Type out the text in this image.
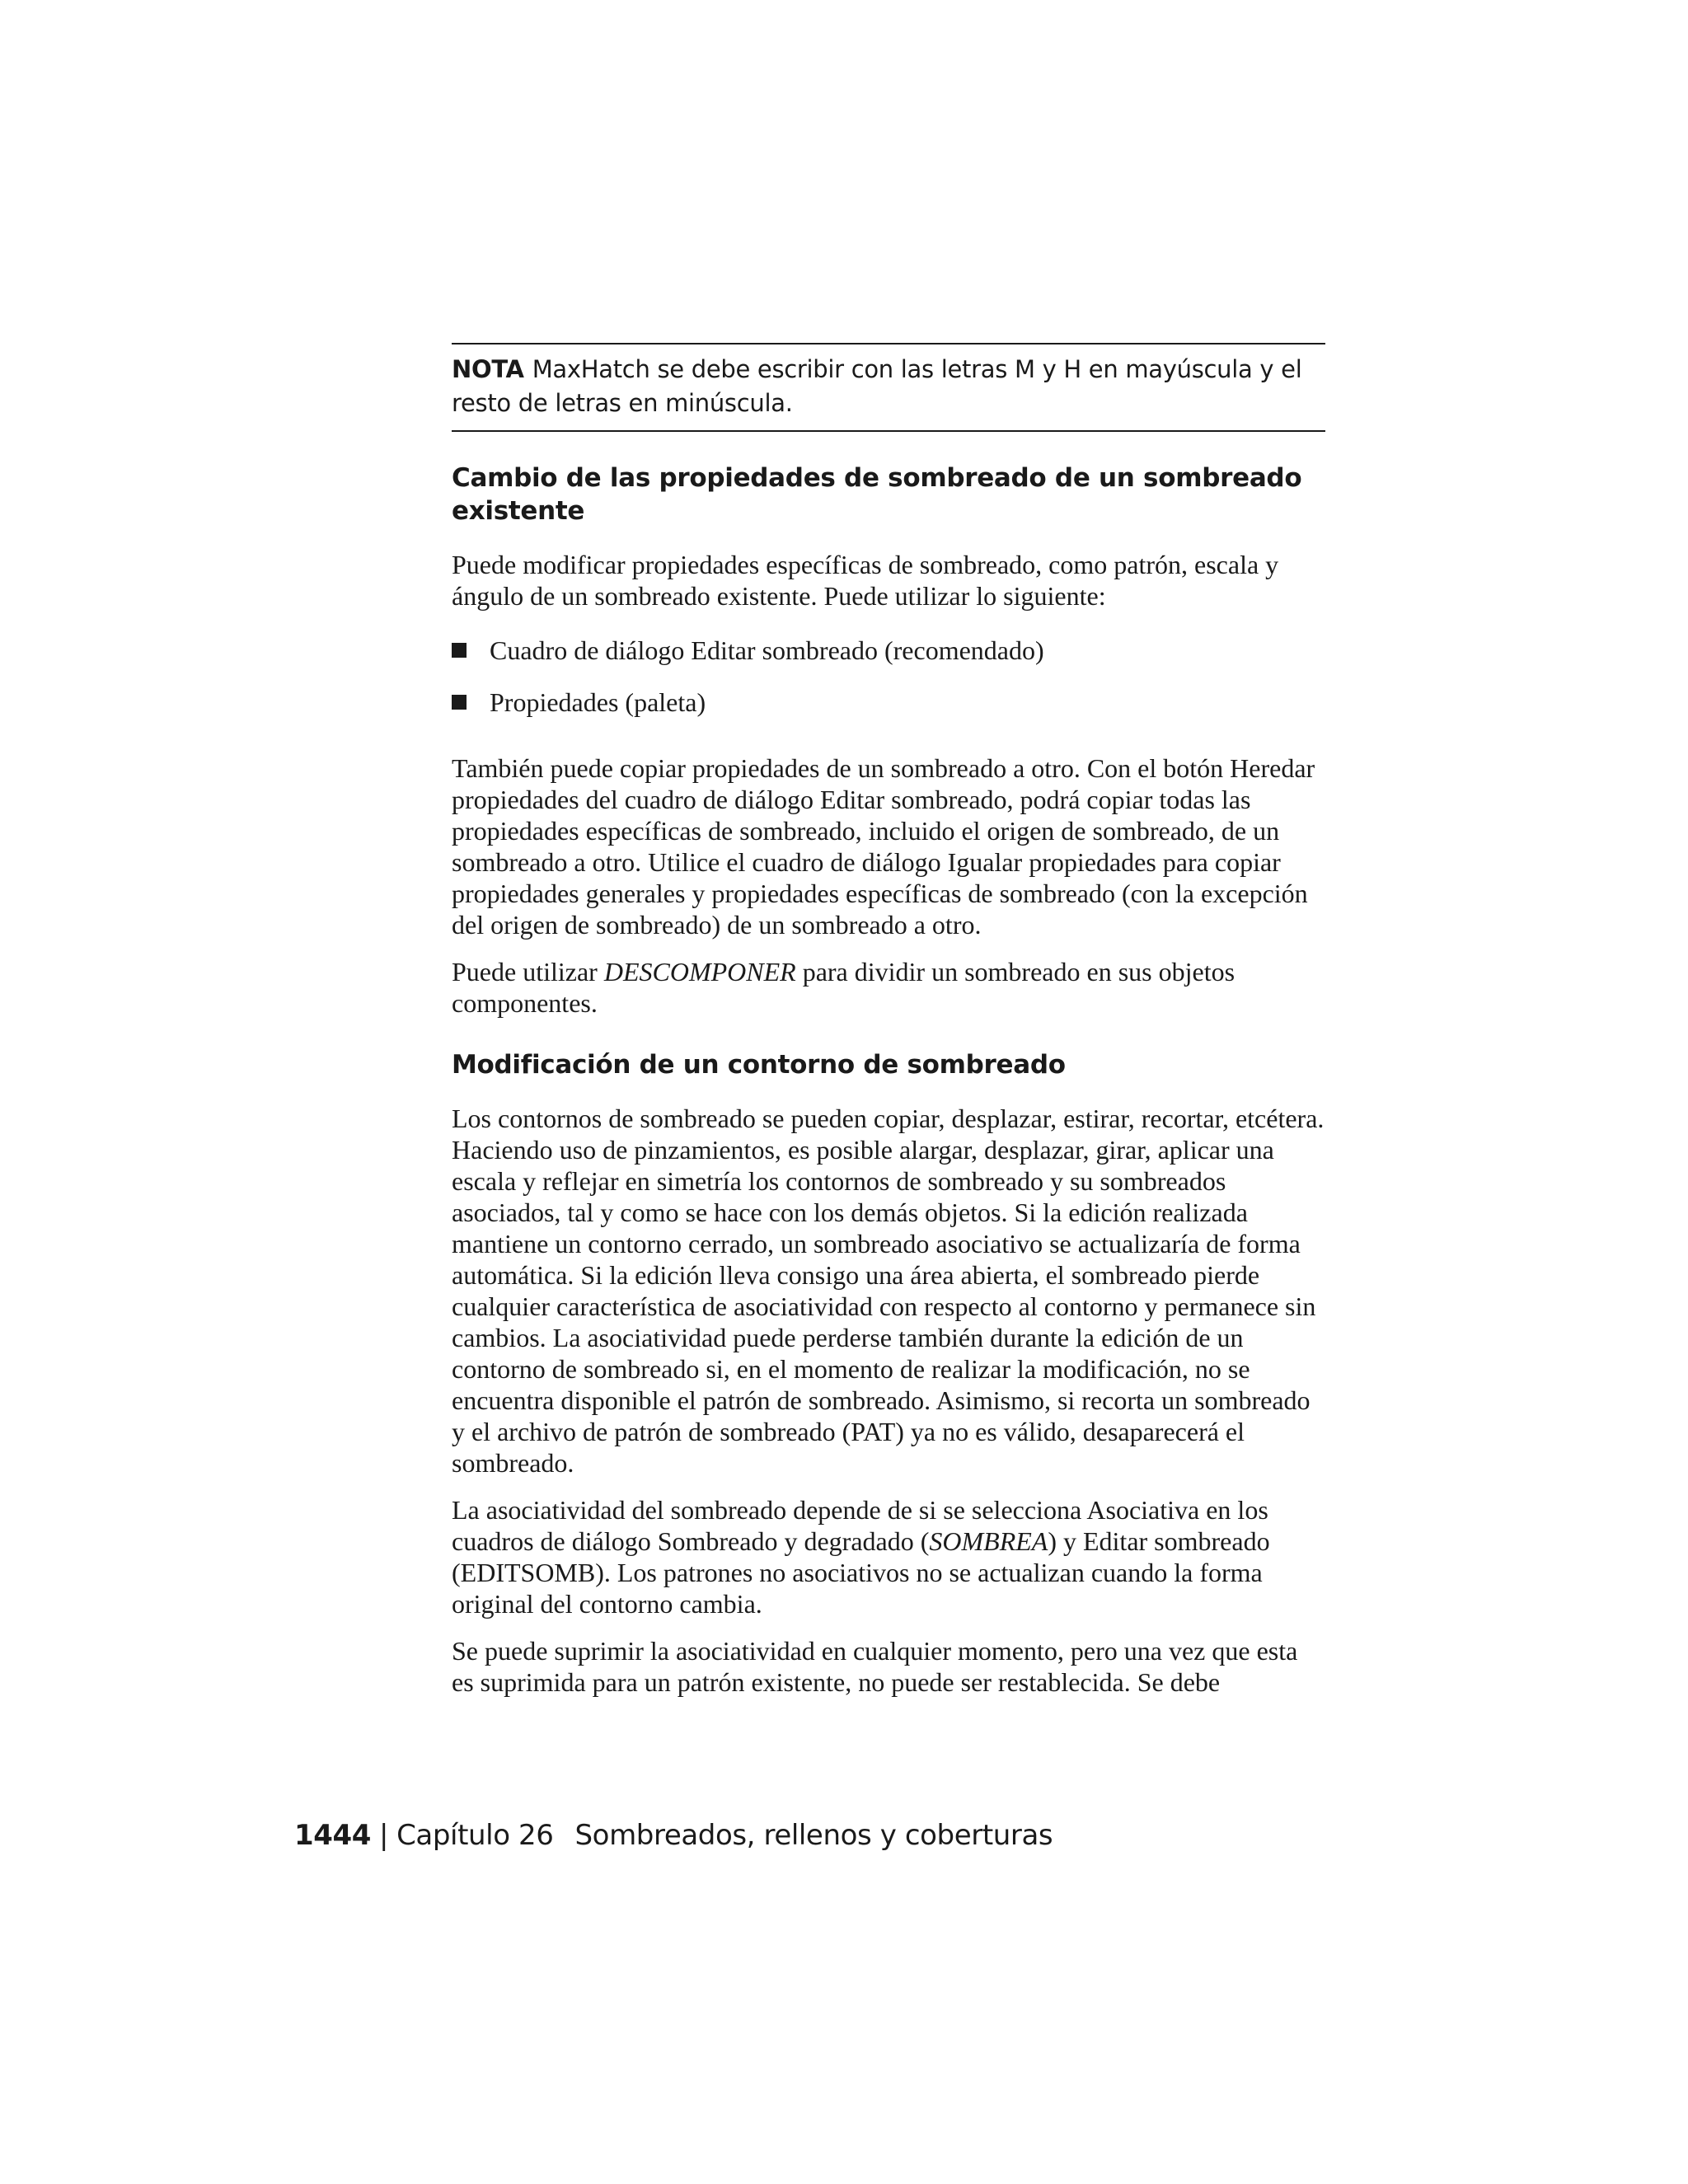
NOTA MaxHatch se debe escribir con las letras M y H en mayúscula y el resto de letras en minúscula.
Cambio de las propiedades de sombreado de un sombreado existente

Puede modificar propiedades específicas de sombreado, como patrón, escala y ángulo de un sombreado existente. Puede utilizar lo siguiente:

Cuadro de diálogo Editar sombreado (recomendado)
Propiedades (paleta)

También puede copiar propiedades de un sombreado a otro. Con el botón Heredar propiedades del cuadro de diálogo Editar sombreado, podrá copiar todas las propiedades específicas de sombreado, incluido el origen de sombreado, de un sombreado a otro. Utilice el cuadro de diálogo Igualar propiedades para copiar propiedades generales y propiedades específicas de sombreado (con la excepción del origen de sombreado) de un sombreado a otro.

Puede utilizar DESCOMPONER para dividir un sombreado en sus objetos componentes.

Modificación de un contorno de sombreado

Los contornos de sombreado se pueden copiar, desplazar, estirar, recortar, etcétera. Haciendo uso de pinzamientos, es posible alargar, desplazar, girar, aplicar una escala y reflejar en simetría los contornos de sombreado y su sombreados asociados, tal y como se hace con los demás objetos. Si la edición realizada mantiene un contorno cerrado, un sombreado asociativo se actualizaría de forma automática. Si la edición lleva consigo una área abierta, el sombreado pierde cualquier característica de asociatividad con respecto al contorno y permanece sin cambios. La asociatividad puede perderse también durante la edición de un contorno de sombreado si, en el momento de realizar la modificación, no se encuentra disponible el patrón de sombreado. Asimismo, si recorta un sombreado y el archivo de patrón de sombreado (PAT) ya no es válido, desaparecerá el sombreado.

La asociatividad del sombreado depende de si se selecciona Asociativa en los cuadros de diálogo Sombreado y degradado (SOMBREA) y Editar sombreado (EDITSOMB). Los patrones no asociativos no se actualizan cuando la forma original del contorno cambia.

Se puede suprimir la asociatividad en cualquier momento, pero una vez que esta es suprimida para un patrón existente, no puede ser restablecida. Se debe

1444 | Capítulo 26 Sombreados, rellenos y coberturas
